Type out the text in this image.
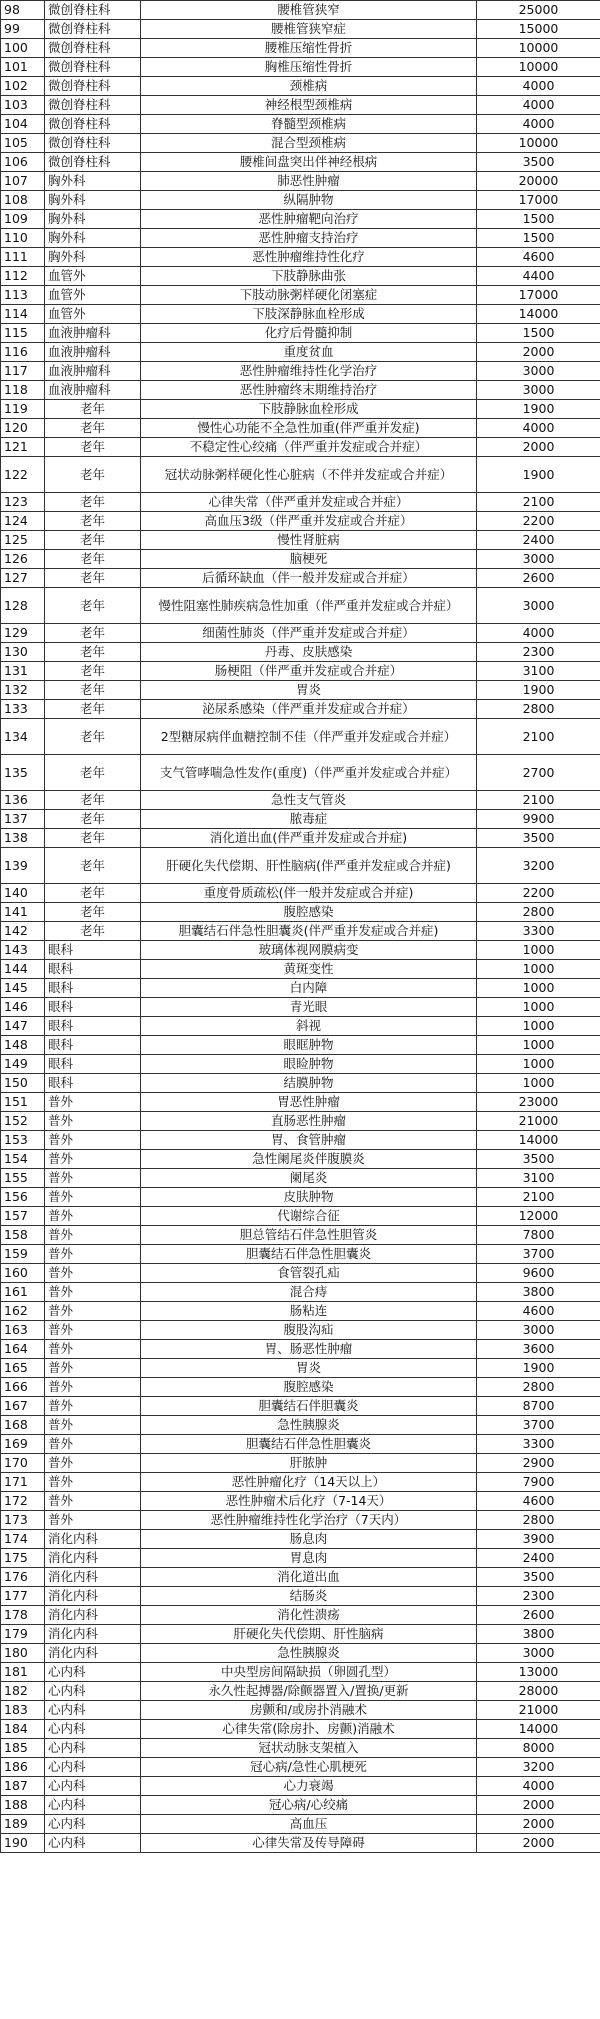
98	微创脊柱科	腰椎管狭窄	25000
99	微创脊柱科	腰椎管狭窄症	15000
100	微创脊柱科	腰椎压缩性骨折	10000
101	微创脊柱科	胸椎压缩性骨折	10000
102	微创脊柱科	颈椎病	4000
103	微创脊柱科	神经根型颈椎病	4000
104	微创脊柱科	脊髓型颈椎病	4000
105	微创脊柱科	混合型颈椎病	10000
106	微创脊柱科	腰椎间盘突出伴神经根病	3500
107	胸外科	肺恶性肿瘤	20000
108	胸外科	纵隔肿物	17000
109	胸外科	恶性肿瘤靶向治疗	1500
110	胸外科	恶性肿瘤支持治疗	1500
111	胸外科	恶性肿瘤维持性化疗	4600
112	血管外	下肢静脉曲张	4400
113	血管外	下肢动脉粥样硬化闭塞症	17000
114	血管外	下肢深静脉血栓形成	14000
115	血液肿瘤科	化疗后骨髓抑制	1500
116	血液肿瘤科	重度贫血	2000
117	血液肿瘤科	恶性肿瘤维持性化学治疗	3000
118	血液肿瘤科	恶性肿瘤终末期维持治疗	3000
119	老年	下肢静脉血栓形成	1900
120	老年	慢性心功能不全急性加重(伴严重并发症)	4000
121	老年	不稳定性心绞痛（伴严重并发症或合并症）	2000
122	老年	冠状动脉粥样硬化性心脏病（不伴并发症或合并症）	1900
123	老年	心律失常（伴严重并发症或合并症）	2100
124	老年	高血压3级（伴严重并发症或合并症）	2200
125	老年	慢性肾脏病	2400
126	老年	脑梗死	3000
127	老年	后循环缺血（伴一般并发症或合并症）	2600
128	老年	慢性阻塞性肺疾病急性加重（伴严重并发症或合并症）	3000
129	老年	细菌性肺炎（伴严重并发症或合并症）	4000
130	老年	丹毒、皮肤感染	2300
131	老年	肠梗阻（伴严重并发症或合并症）	3100
132	老年	胃炎	1900
133	老年	泌尿系感染（伴严重并发症或合并症）	2800
134	老年	2型糖尿病伴血糖控制不佳（伴严重并发症或合并症）	2100
135	老年	支气管哮喘急性发作(重度)（伴严重并发症或合并症）	2700
136	老年	急性支气管炎	2100
137	老年	脓毒症	9900
138	老年	消化道出血(伴严重并发症或合并症)	3500
139	老年	肝硬化失代偿期、肝性脑病(伴严重并发症或合并症)	3200
140	老年	重度骨质疏松(伴一般并发症或合并症)	2200
141	老年	腹腔感染	2800
142	老年	胆囊结石伴急性胆囊炎(伴严重并发症或合并症)	3300
143	眼科	玻璃体视网膜病变	1000
144	眼科	黄斑变性	1000
145	眼科	白内障	1000
146	眼科	青光眼	1000
147	眼科	斜视	1000
148	眼科	眼眶肿物	1000
149	眼科	眼睑肿物	1000
150	眼科	结膜肿物	1000
151	普外	胃恶性肿瘤	23000
152	普外	直肠恶性肿瘤	21000
153	普外	胃、食管肿瘤	14000
154	普外	急性阑尾炎伴腹膜炎	3500
155	普外	阑尾炎	3100
156	普外	皮肤肿物	2100
157	普外	代谢综合征	12000
158	普外	胆总管结石伴急性胆管炎	7800
159	普外	胆囊结石伴急性胆囊炎	3700
160	普外	食管裂孔疝	9600
161	普外	混合痔	3800
162	普外	肠粘连	4600
163	普外	腹股沟疝	3000
164	普外	胃、肠恶性肿瘤	3600
165	普外	胃炎	1900
166	普外	腹腔感染	2800
167	普外	胆囊结石伴胆囊炎	8700
168	普外	急性胰腺炎	3700
169	普外	胆囊结石伴急性胆囊炎	3300
170	普外	肝脓肿	2900
171	普外	恶性肿瘤化疗（14天以上）	7900
172	普外	恶性肿瘤术后化疗（7-14天）	4600
173	普外	恶性肿瘤维持性化学治疗（7天内）	2800
174	消化内科	肠息肉	3900
175	消化内科	胃息肉	2400
176	消化内科	消化道出血	3500
177	消化内科	结肠炎	2300
178	消化内科	消化性溃疡	2600
179	消化内科	肝硬化失代偿期、肝性脑病	3800
180	消化内科	急性胰腺炎	3000
181	心内科	中央型房间隔缺损（卵圆孔型）	13000
182	心内科	永久性起搏器/除颤器置入/置换/更新	28000
183	心内科	房颤和/或房扑消融术	21000
184	心内科	心律失常(除房扑、房颤)消融术	14000
185	心内科	冠状动脉支架植入	8000
186	心内科	冠心病/急性心肌梗死	3200
187	心内科	心力衰竭	4000
188	心内科	冠心病/心绞痛	2000
189	心内科	高血压	2000
190	心内科	心律失常及传导障碍	2000
